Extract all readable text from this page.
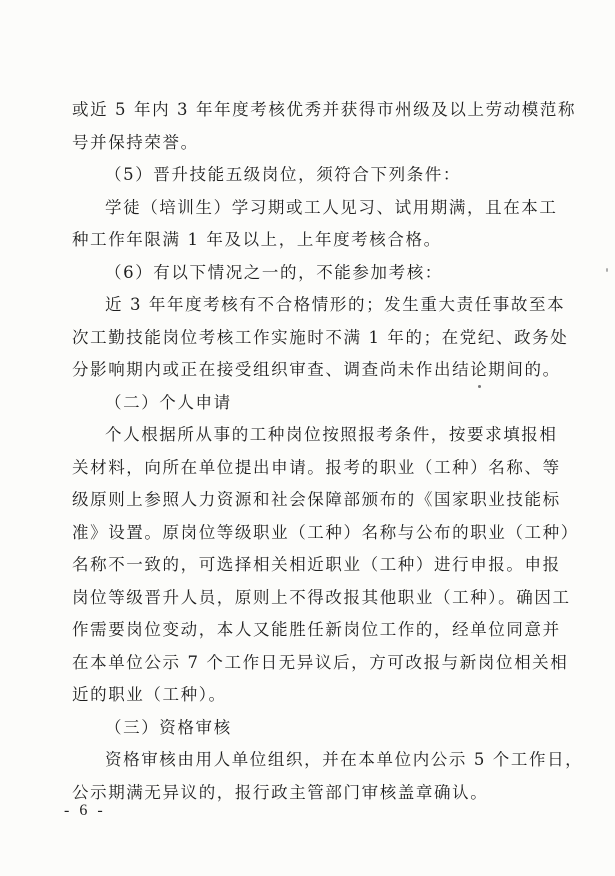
或近 5 年内 3 年年度考核优秀并获得市州级及以上劳动模范称
号并保持荣誉。
（5）晋升技能五级岗位，须符合下列条件：
学徒（培训生）学习期或工人见习、试用期满，且在本工
种工作年限满 1 年及以上，上年度考核合格。
（6）有以下情况之一的，不能参加考核：
近 3 年年度考核有不合格情形的；发生重大责任事故至本
次工勤技能岗位考核工作实施时不满 1 年的；在党纪、政务处
分影响期内或正在接受组织审查、调查尚未作出结论期间的。
（二）个人申请
个人根据所从事的工种岗位按照报考条件，按要求填报相
关材料，向所在单位提出申请。报考的职业（工种）名称、等
级原则上参照人力资源和社会保障部颁布的《国家职业技能标
准》设置。原岗位等级职业（工种）名称与公布的职业（工种）
名称不一致的，可选择相关相近职业（工种）进行申报。申报
岗位等级晋升人员，原则上不得改报其他职业（工种）。确因工
作需要岗位变动，本人又能胜任新岗位工作的，经单位同意并
在本单位公示 7 个工作日无异议后，方可改报与新岗位相关相
近的职业（工种）。
（三）资格审核
资格审核由用人单位组织，并在本单位内公示 5 个工作日，
公示期满无异议的，报行政主管部门审核盖章确认。
- 6 -
